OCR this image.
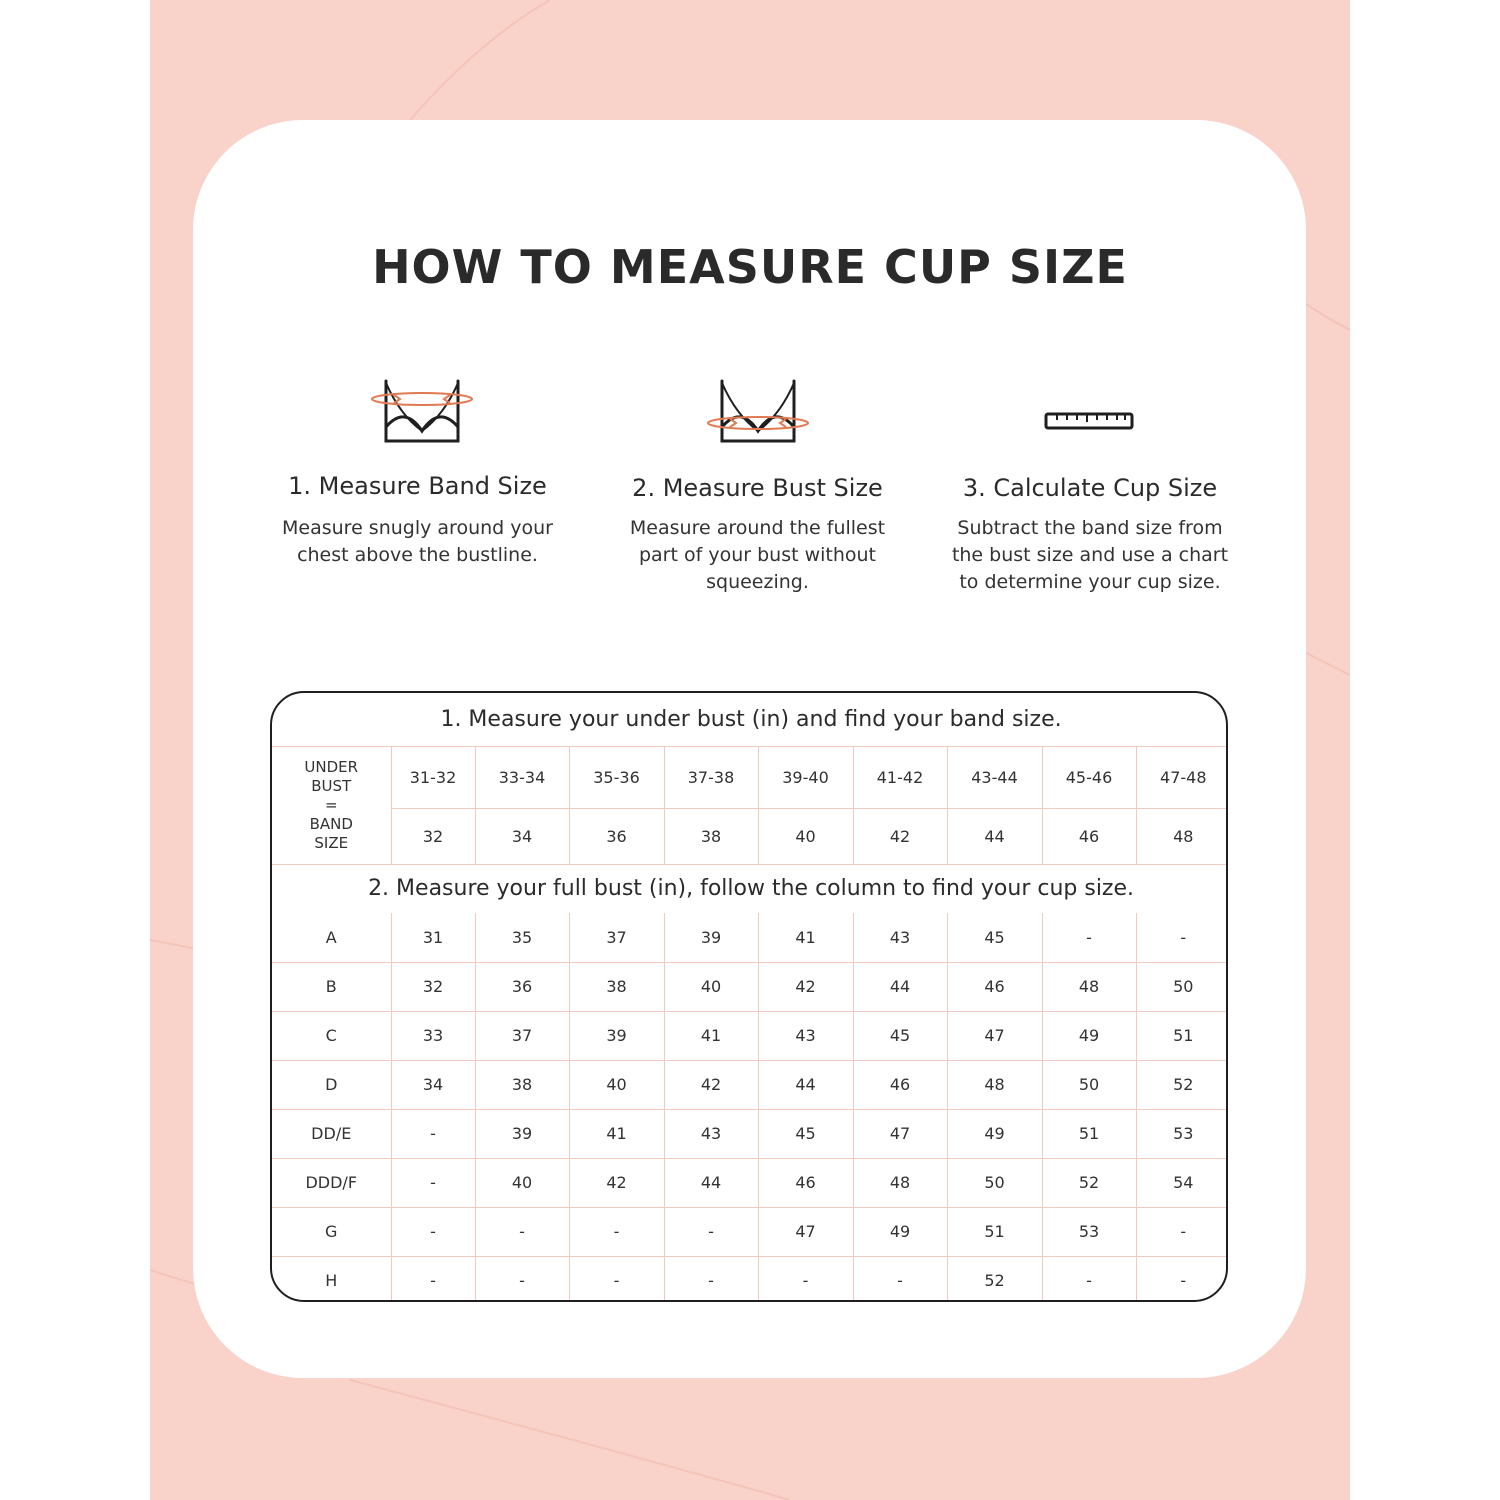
HOW TO MEASURE CUP SIZE
1. Measure Band Size
Measure snugly around your
chest above the bustline.
2. Measure Bust Size
Measure around the fullest
part of your bust without
squeezing.
3. Calculate Cup Size
Subtract the band size from
the bust size and use a chart
to determine your cup size.
1. Measure your under bust (in) and find your band size.									
UNDER
BUST
=
BAND
SIZE	31-32	33-34	35-36	37-38	39-40	41-42	43-44	45-46	47-48
	32	34	36	38	40	42	44	46	48
2. Measure your full bust (in), follow the column to find your cup size.									
A	31	35	37	39	41	43	45	-	-
B	32	36	38	40	42	44	46	48	50
C	33	37	39	41	43	45	47	49	51
D	34	38	40	42	44	46	48	50	52
DD/E	-	39	41	43	45	47	49	51	53
DDD/F	-	40	42	44	46	48	50	52	54
G	-	-	-	-	47	49	51	53	-
H	-	-	-	-	-	-	52	-	-
